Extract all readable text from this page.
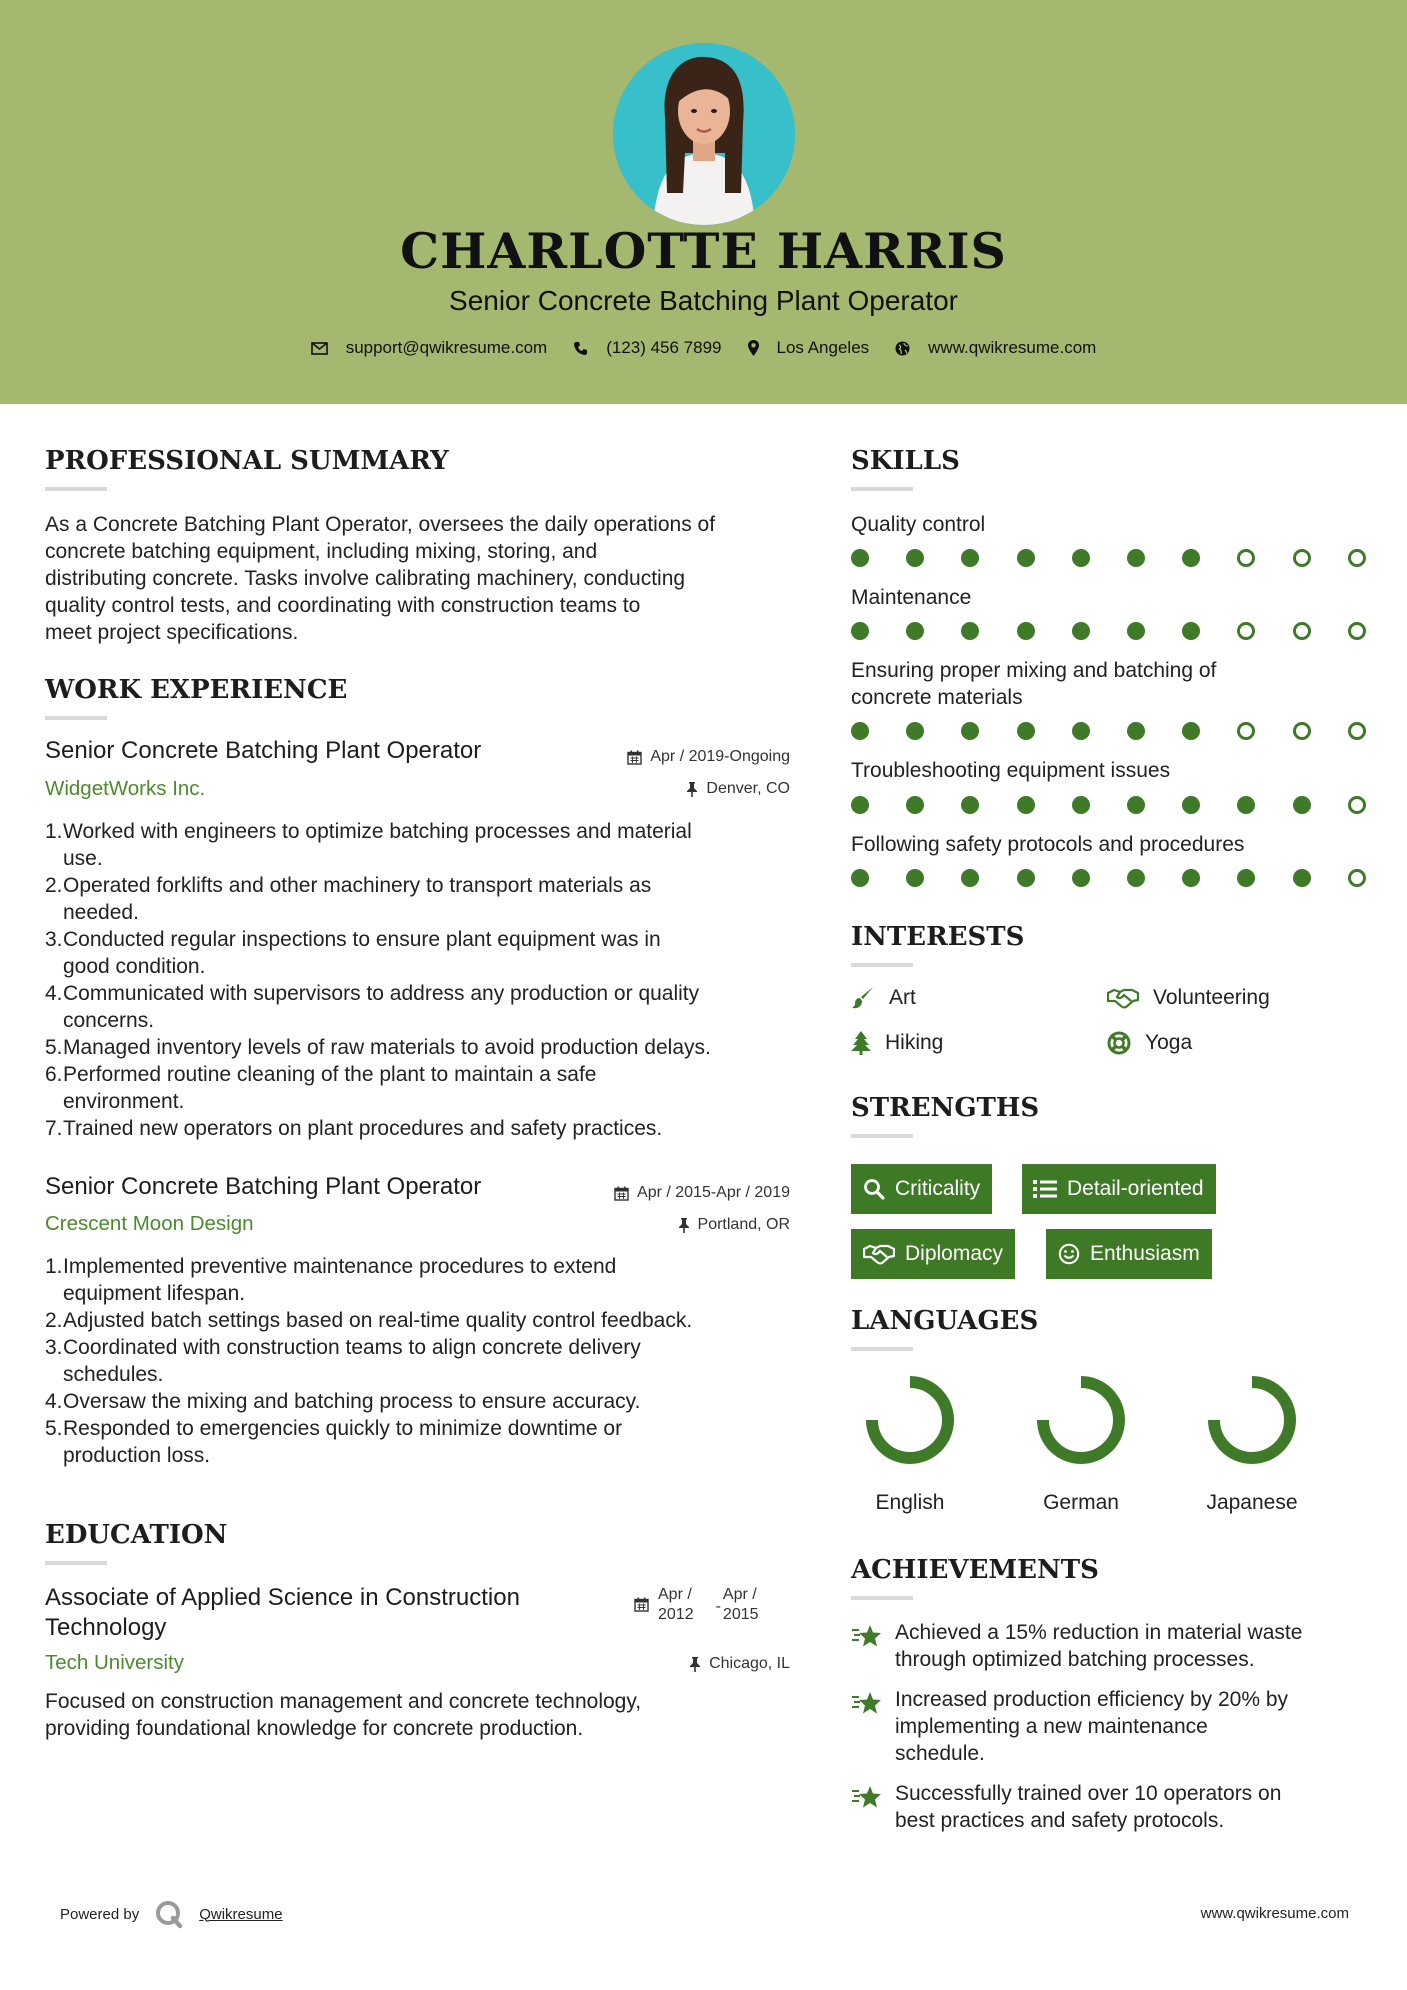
CHARLOTTE HARRIS
Senior Concrete Batching Plant Operator
support@qwikresume.com	(123) 456 7899	Los Angeles	www.qwikresume.com
PROFESSIONAL SUMMARY
As a Concrete Batching Plant Operator, oversees the daily operations of
concrete batching equipment, including mixing, storing, and
distributing concrete. Tasks involve calibrating machinery, conducting
quality control tests, and coordinating with construction teams to
meet project specifications.
WORK EXPERIENCE
Senior Concrete Batching Plant Operator	Apr / 2019-Ongoing
WidgetWorks Inc.	Denver, CO
1. Worked with engineers to optimize batching processes and material
use.
2. Operated forklifts and other machinery to transport materials as
needed.
3. Conducted regular inspections to ensure plant equipment was in
good condition.
4. Communicated with supervisors to address any production or quality
concerns.
5. Managed inventory levels of raw materials to avoid production delays.
6. Performed routine cleaning of the plant to maintain a safe
environment.
7. Trained new operators on plant procedures and safety practices.
Senior Concrete Batching Plant Operator	Apr / 2015-Apr / 2019
Crescent Moon Design	Portland, OR
1. Implemented preventive maintenance procedures to extend
equipment lifespan.
2. Adjusted batch settings based on real-time quality control feedback.
3. Coordinated with construction teams to align concrete delivery
schedules.
4. Oversaw the mixing and batching process to ensure accuracy.
5. Responded to emergencies quickly to minimize downtime or
production loss.
EDUCATION
Associate of Applied Science in Construction
Technology
Apr /
2012 -
Apr /
2015
Tech University	Chicago, IL
Focused on construction management and concrete technology,
providing foundational knowledge for concrete production.
SKILLS
Quality control
Maintenance
Ensuring proper mixing and batching of
concrete materials
Troubleshooting equipment issues
Following safety protocols and procedures
INTERESTS
Art	Volunteering
Hiking	Yoga
STRENGTHS
Criticality	Detail-oriented
Diplomacy	Enthusiasm
LANGUAGES
English	German	Japanese
ACHIEVEMENTS
Achieved a 15% reduction in material waste
through optimized batching processes.
Increased production efficiency by 20% by
implementing a new maintenance
schedule.
Successfully trained over 10 operators on
best practices and safety protocols.
Powered by	Qwikresume	www.qwikresume.com
